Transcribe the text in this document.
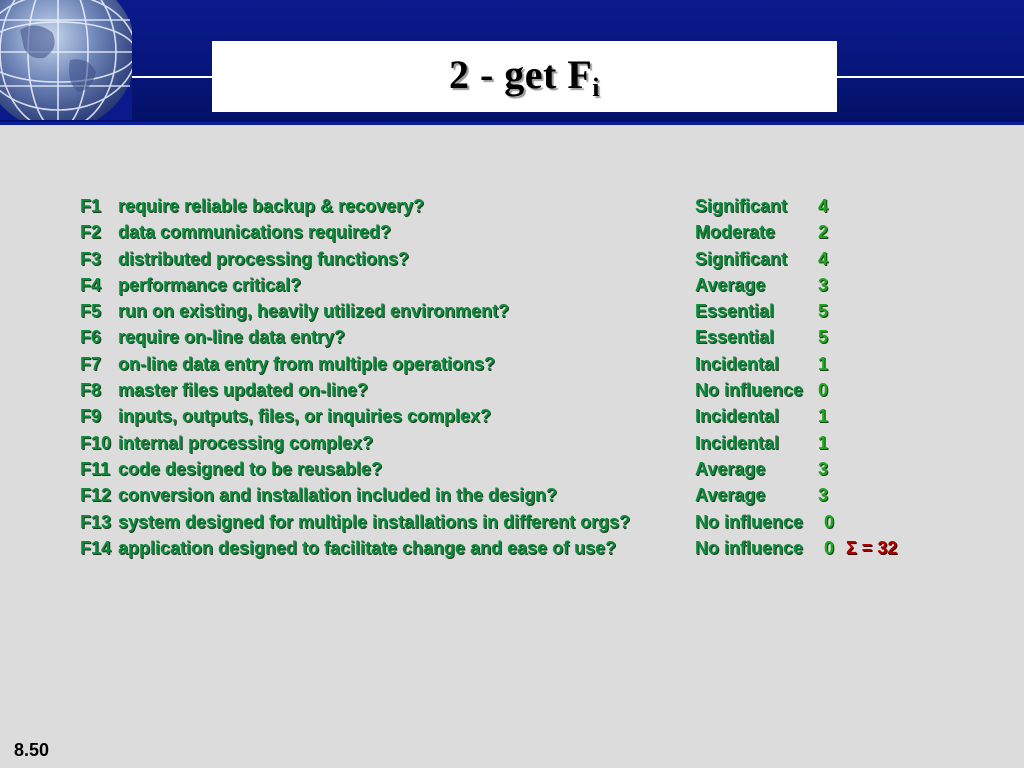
2 - get $F_i$
F1 require reliable backup & recovery?	Significant 4
F2 data communications required?	Moderate 2
F3 distributed processing functions?	Significant 4
F4 performance critical?	Average	3
F5 run on existing, heavily utilized environment?	Essential 5
F6 require on-line data entry?	Essential 5
F7 on-line data entry from multiple operations?	Incidental 1
F8 master files updated on-line?	No influence 0
F9 inputs, outputs, files, or inquiries complex?	Incidental 1
F10 internal processing complex?	Incidental 1
F11 code designed to be reusable?	Average	3
F12 conversion and installation included in the design?	Average	3
F13 system designed for multiple installations in different orgs?	No influence 0
F14 application designed to facilitate change and ease of use?	No influence 0 Σ = 32
8.50
